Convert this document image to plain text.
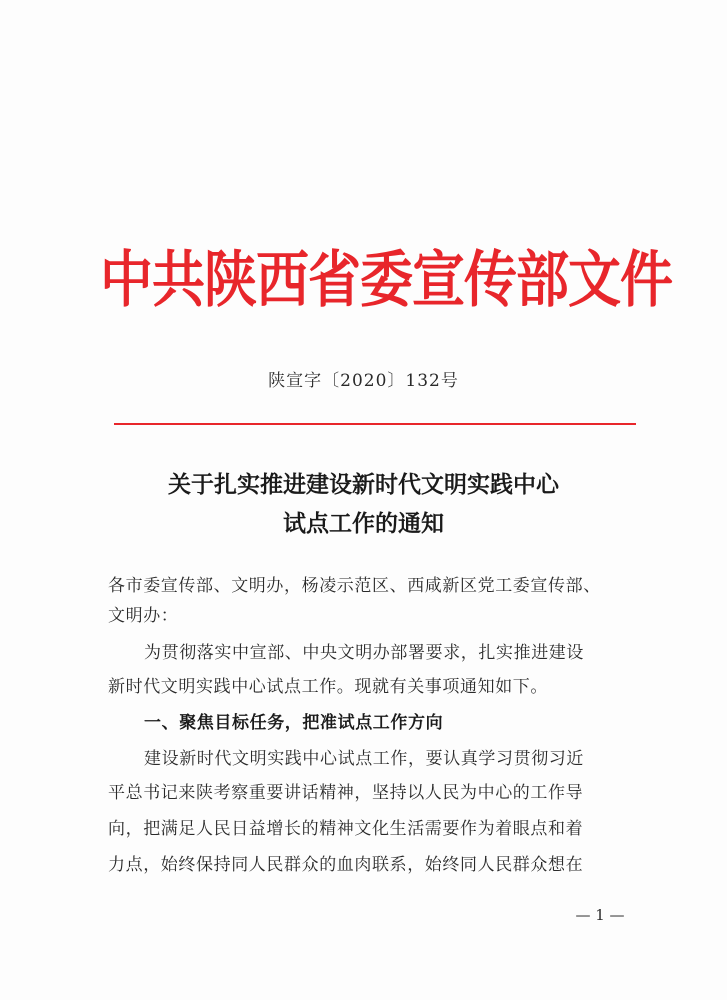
中共陕西省委宣传部文件
陕宣字〔2020〕132号
关于扎实推进建设新时代文明实践中心
试点工作的通知
各市委宣传部、文明办，杨凌示范区、西咸新区党工委宣传部、
文明办：
为贯彻落实中宣部、中央文明办部署要求，扎实推进建设
新时代文明实践中心试点工作。现就有关事项通知如下。
一、聚焦目标任务，把准试点工作方向
建设新时代文明实践中心试点工作，要认真学习贯彻习近
平总书记来陕考察重要讲话精神，坚持以人民为中心的工作导
向，把满足人民日益增长的精神文化生活需要作为着眼点和着
力点，始终保持同人民群众的血肉联系，始终同人民群众想在
— 1 —
